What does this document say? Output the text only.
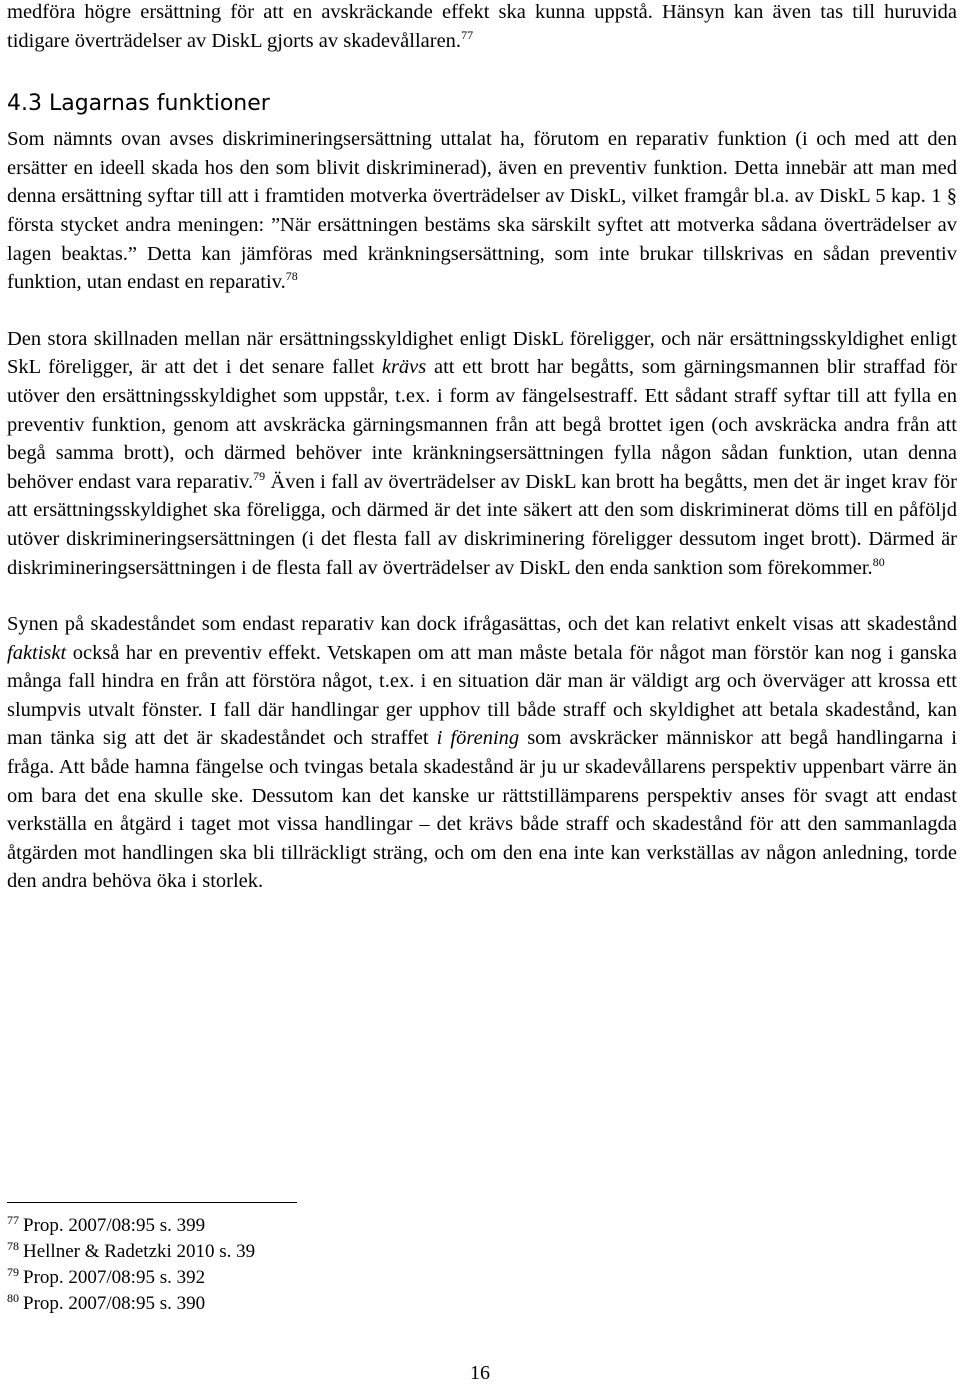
medföra högre ersättning för att en avskräckande effekt ska kunna uppstå. Hänsyn kan även tas till huruvida tidigare överträdelser av DiskL gjorts av skadevållaren.$^{77}$

4.3 Lagarnas funktioner

Som nämnts ovan avses diskrimineringsersättning uttalat ha, förutom en reparativ funktion (i och med att den ersätter en ideell skada hos den som blivit diskriminerad), även en preventiv funktion. Detta innebär att man med denna ersättning syftar till att i framtiden motverka överträdelser av DiskL, vilket framgår bl.a. av DiskL 5 kap. 1 § första stycket andra meningen: ”När ersättningen bestäms ska särskilt syftet att motverka sådana överträdelser av lagen beaktas.” Detta kan jämföras med kränkningsersättning, som inte brukar tillskrivas en sådan preventiv funktion, utan endast en reparativ.$^{78}$

Den stora skillnaden mellan när ersättningsskyldighet enligt DiskL föreligger, och när ersättningsskyldighet enligt SkL föreligger, är att det i det senare fallet krävs att ett brott har begåtts, som gärningsmannen blir straffad för utöver den ersättningsskyldighet som uppstår, t.ex. i form av fängelsestraff. Ett sådant straff syftar till att fylla en preventiv funktion, genom att avskräcka gärningsmannen från att begå brottet igen (och avskräcka andra från att begå samma brott), och därmed behöver inte kränkningsersättningen fylla någon sådan funktion, utan denna behöver endast vara reparativ.$^{79}$ Även i fall av överträdelser av DiskL kan brott ha begåtts, men det är inget krav för att ersättningsskyldighet ska föreligga, och därmed är det inte säkert att den som diskriminerat döms till en påföljd utöver diskrimineringsersättningen (i det flesta fall av diskriminering föreligger dessutom inget brott). Därmed är diskrimineringsersättningen i de flesta fall av överträdelser av DiskL den enda sanktion som förekommer.$^{80}$

Synen på skadeståndet som endast reparativ kan dock ifrågasättas, och det kan relativt enkelt visas att skadestånd faktiskt också har en preventiv effekt. Vetskapen om att man måste betala för något man förstör kan nog i ganska många fall hindra en från att förstöra något, t.ex. i en situation där man är väldigt arg och överväger att krossa ett slumpvis utvalt fönster. I fall där handlingar ger upphov till både straff och skyldighet att betala skadestånd, kan man tänka sig att det är skadeståndet och straffet i förening som avskräcker människor att begå handlingarna i fråga. Att både hamna fängelse och tvingas betala skadestånd är ju ur skadevållarens perspektiv uppenbart värre än om bara det ena skulle ske. Dessutom kan det kanske ur rättstillämparens perspektiv anses för svagt att endast verkställa en åtgärd i taget mot vissa handlingar – det krävs både straff och skadestånd för att den sammanlagda åtgärden mot handlingen ska bli tillräckligt sträng, och om den ena inte kan verkställas av någon anledning, torde den andra behöva öka i storlek.

$^{77}$ Prop. 2007/08:95 s. 399

$^{78}$ Hellner & Radetzki 2010 s. 39

$^{79}$ Prop. 2007/08:95 s. 392

$^{80}$ Prop. 2007/08:95 s. 390

16
